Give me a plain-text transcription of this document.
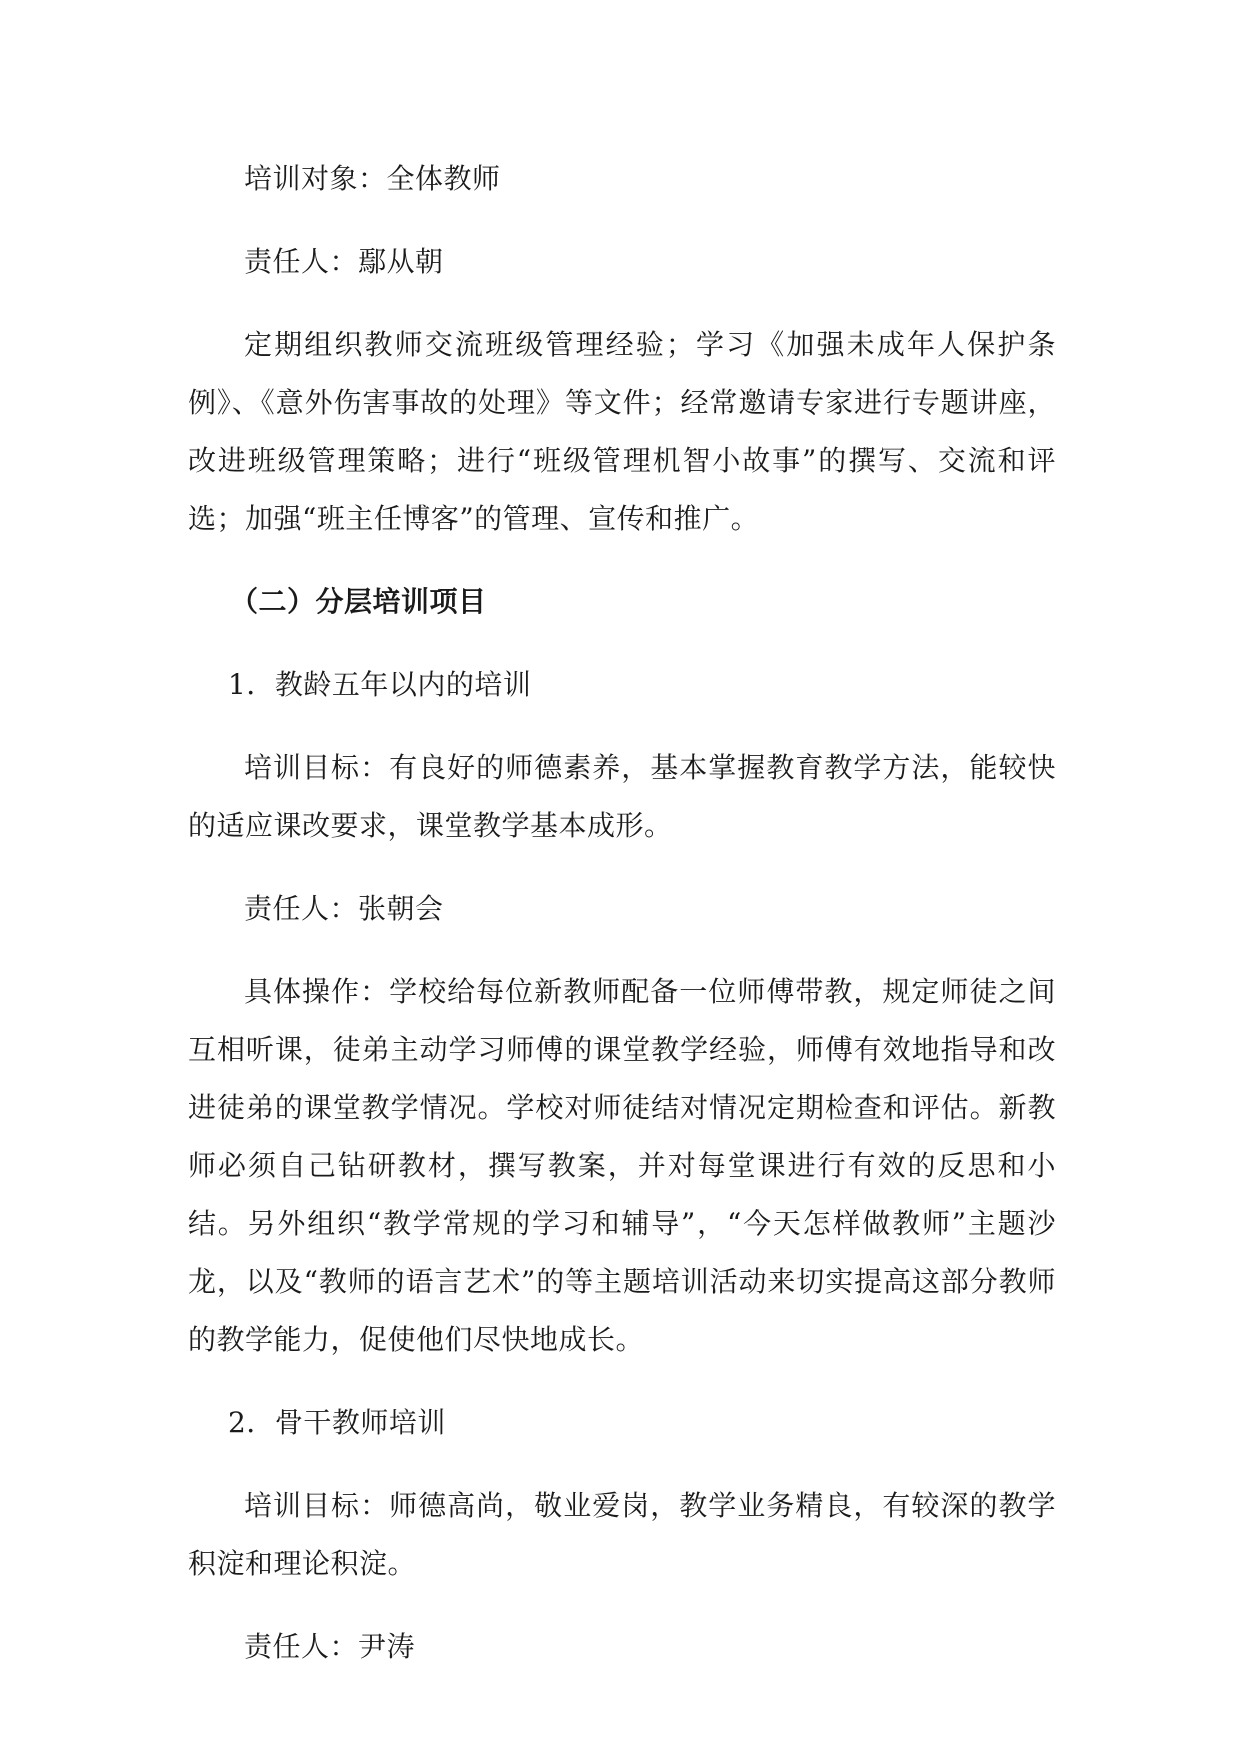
培训对象：全体教师

责任人：鄢从朝

定期组织教师交流班级管理经验；学习《加强未成年人保护条例》、《意外伤害事故的处理》等文件；经常邀请专家进行专题讲座，改进班级管理策略；进行“班级管理机智小故事”的撰写、交流和评选；加强“班主任博客”的管理、宣传和推广。

（二）分层培训项目

1．教龄五年以内的培训

培训目标：有良好的师德素养，基本掌握教育教学方法，能较快的适应课改要求，课堂教学基本成形。

责任人：张朝会

具体操作：学校给每位新教师配备一位师傅带教，规定师徒之间互相听课，徒弟主动学习师傅的课堂教学经验，师傅有效地指导和改进徒弟的课堂教学情况。学校对师徒结对情况定期检查和评估。新教师必须自己钻研教材，撰写教案，并对每堂课进行有效的反思和小结。另外组织“教学常规的学习和辅导”，“今天怎样做教师”主题沙龙，以及“教师的语言艺术”的等主题培训活动来切实提高这部分教师的教学能力，促使他们尽快地成长。

2．骨干教师培训

培训目标：师德高尚，敬业爱岗，教学业务精良，有较深的教学积淀和理论积淀。

责任人：尹涛
